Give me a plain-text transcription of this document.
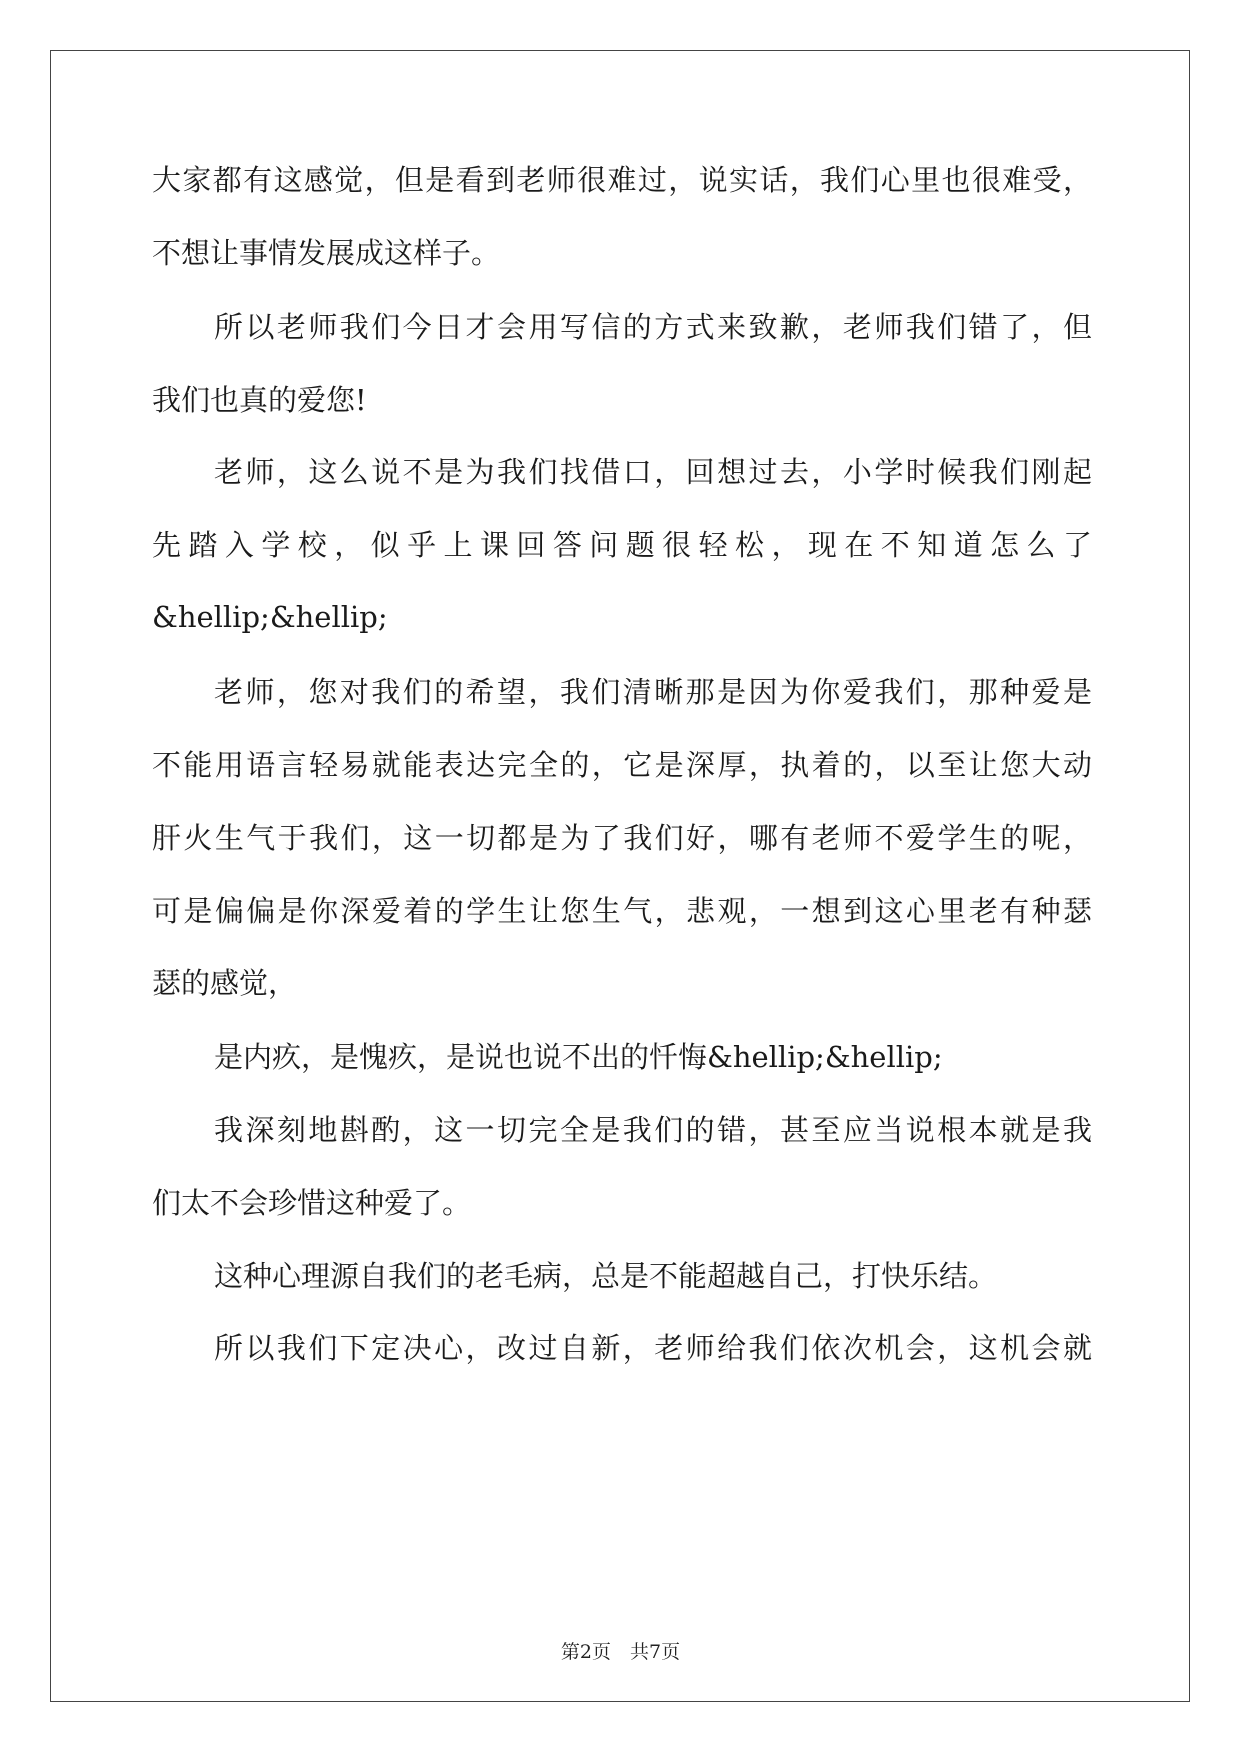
大家都有这感觉，但是看到老师很难过，说实话，我们心里也很难受，
不想让事情发展成这样子。
所以老师我们今日才会用写信的方式来致歉，老师我们错了，但
我们也真的爱您!
老师，这么说不是为我们找借口，回想过去，小学时候我们刚起
先踏入学校，似乎上课回答问题很轻松，现在不知道怎么了
&hellip;&hellip;
老师，您对我们的希望，我们清晰那是因为你爱我们，那种爱是
不能用语言轻易就能表达完全的，它是深厚，执着的，以至让您大动
肝火生气于我们，这一切都是为了我们好，哪有老师不爱学生的呢，
可是偏偏是你深爱着的学生让您生气，悲观，一想到这心里老有种瑟
瑟的感觉，
是内疚，是愧疚，是说也说不出的忏悔&hellip;&hellip;
我深刻地斟酌，这一切完全是我们的错，甚至应当说根本就是我
们太不会珍惜这种爱了。
这种心理源自我们的老毛病，总是不能超越自己，打快乐结。
所以我们下定决心，改过自新，老师给我们依次机会，这机会就
第2页　共7页
